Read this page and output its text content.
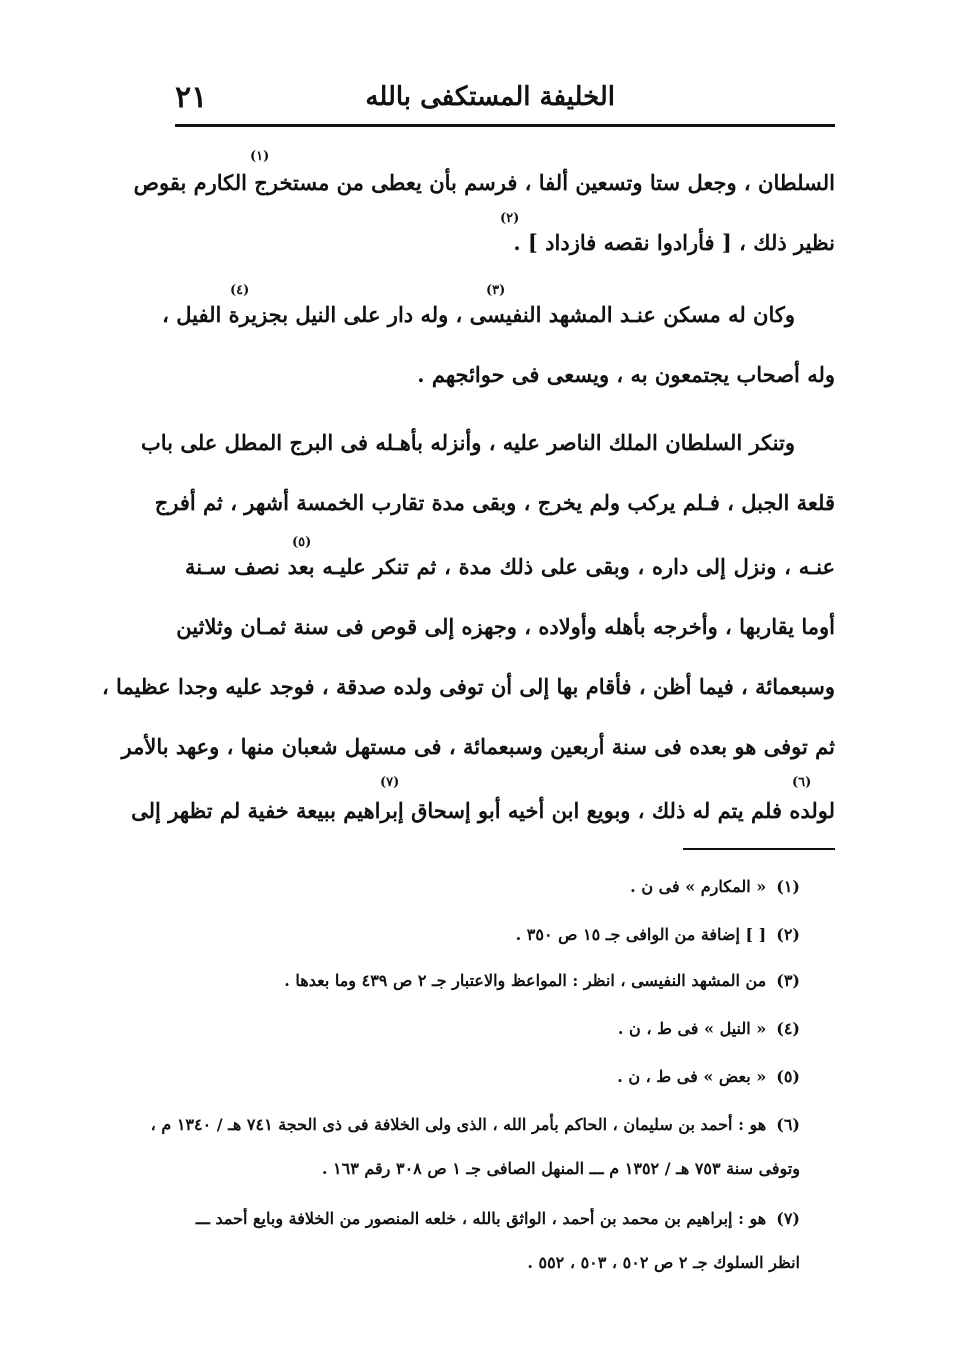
٢١	الخليفة المستكفى بالله
السلطان ، وجعل ستا وتسعين ألفا ، فرسم بأن يعطى من مستخرج الكارم بقوص
(١)
نظير ذلك ، [ فأرادوا نقصه فازداد ] .
(٢)
وكان له مسكن عنـد المشهد النفيسى ، وله دار على النيل بجزيرة الفيل ،
(٣)
(٤)
وله أصحاب يجتمعون به ، ويسعى فى حوائجهم .
وتنكر السلطان الملك الناصر عليه ، وأنزله بأهـله فى البرج المطل على باب
قلعة الجبل ، فـلم يركب ولم يخرج ، وبقى مدة تقارب الخمسة أشهر ، ثم أفرج
عنـه ، ونزل إلى داره ، وبقى على ذلك مدة ، ثم تنكر عليـه بعد نصف سـنة
(٥)
أوما يقاربها ، وأخرجه بأهله وأولاده ، وجهزه إلى قوص فى سنة ثمـان وثلاثين
وسبعمائة ، فيما أظن ، فأقام بها إلى أن توفى ولده صدقة ، فوجد عليه وجدا عظيما ،
ثم توفى هو بعده فى سنة أربعين وسبعمائة ، فى مستهل شعبان منها ، وعهد بالأمر
لولده فلم يتم له ذلك ، وبويع ابن أخيه أبو إسحاق إبراهيم ببيعة خفية لم تظهر إلى
(٦)
(٧)
(١)« المكارم » فى ن .
(٢)[ ] إضافة من الوافى جـ ١٥ ص ٣٥٠ .
(٣)من المشهد النفيسى ، انظر : المواعظ والاعتبار جـ ٢ ص ٤٣٩ وما بعدها .
(٤)« النيل » فى ط ، ن .
(٥)« بعض » فى ط ، ن .
(٦)هو : أحمد بن سليمان ، الحاكم بأمر الله ، الذى ولى الخلافة فى ذى الحجة ٧٤١ هـ / ١٣٤٠ م ،
وتوفى سنة ٧٥٣ هـ / ١٣٥٢ م ـــ المنهل الصافى جـ ١ ص ٣٠٨ رقم ١٦٣ .
(٧)هو : إبراهيم بن محمد بن أحمد ، الواثق بالله ، خلعه المنصور من الخلافة وبايع أحمد ـــ
انظر السلوك جـ ٢ ص ٥٠٢ ، ٥٠٣ ، ٥٥٢ .
